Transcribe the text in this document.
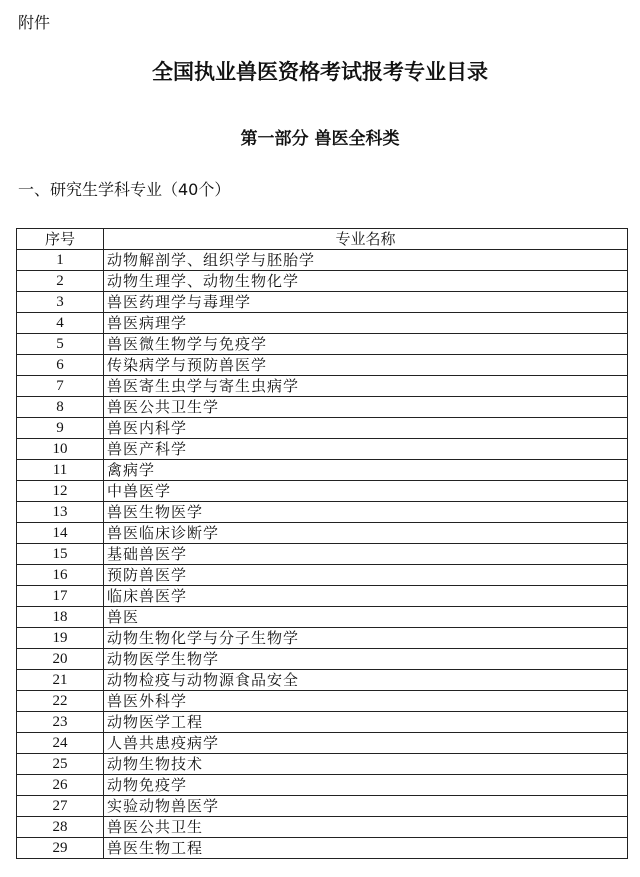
附件
全国执业兽医资格考试报考专业目录
第一部分 兽医全科类
一、研究生学科专业（40个）
序号	专业名称
1	动物解剖学、组织学与胚胎学
2	动物生理学、动物生物化学
3	兽医药理学与毒理学
4	兽医病理学
5	兽医微生物学与免疫学
6	传染病学与预防兽医学
7	兽医寄生虫学与寄生虫病学
8	兽医公共卫生学
9	兽医内科学
10	兽医产科学
11	禽病学
12	中兽医学
13	兽医生物医学
14	兽医临床诊断学
15	基础兽医学
16	预防兽医学
17	临床兽医学
18	兽医
19	动物生物化学与分子生物学
20	动物医学生物学
21	动物检疫与动物源食品安全
22	兽医外科学
23	动物医学工程
24	人兽共患疫病学
25	动物生物技术
26	动物免疫学
27	实验动物兽医学
28	兽医公共卫生
29	兽医生物工程
